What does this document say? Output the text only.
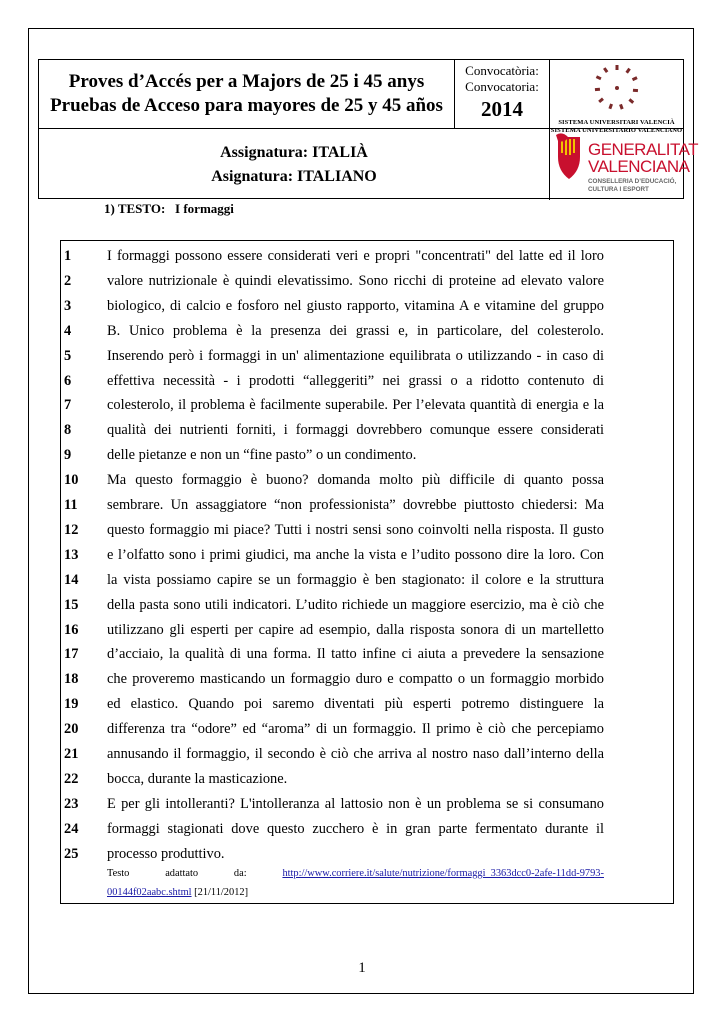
Proves d’Accés per a Majors de 25 i 45 anys
Pruebas de Acceso para mayores de 25 y 45 años
Convocatòria:
Convocatoria:
2014
SISTEMA UNIVERSITARI VALENCIÀ
SISTEMA UNIVERSITARIO VALENCIANO
Assignatura: ITALIÀ
Asignatura: ITALIANO
GENERALITAT
VALENCIANA
CONSELLERIA D’EDUCACIÓ,
CULTURA I ESPORT
1) TESTO:   I formaggi
1	I formaggi possono essere considerati veri e propri "concentrati" del latte ed il loro
2	valore nutrizionale è quindi elevatissimo. Sono ricchi di proteine ad elevato valore
3	biologico, di calcio e fosforo nel giusto rapporto, vitamina A e vitamine del gruppo
4	B. Unico problema è la presenza dei grassi e, in particolare, del colesterolo.
5	Inserendo però i formaggi in un' alimentazione equilibrata o utilizzando - in caso di
6	effettiva necessità - i prodotti “alleggeriti” nei grassi o a ridotto contenuto di
7	colesterolo, il problema è facilmente superabile. Per l’elevata quantità di energia e la
8	qualità dei nutrienti forniti, i formaggi dovrebbero comunque essere considerati
9	delle pietanze e non un “fine pasto” o un condimento.
10	Ma questo formaggio è buono? domanda molto più difficile di quanto possa
11	sembrare. Un assaggiatore “non professionista” dovrebbe piuttosto chiedersi: Ma
12	questo formaggio mi piace? Tutti i nostri sensi sono coinvolti nella risposta. Il gusto
13	e l’olfatto sono i primi giudici, ma anche la vista e l’udito possono dire la loro. Con
14	la vista possiamo capire se un formaggio è ben stagionato: il colore e la struttura
15	della pasta sono utili indicatori. L’udito richiede un maggiore esercizio, ma è ciò che
16	utilizzano gli esperti per capire ad esempio, dalla risposta sonora di un martelletto
17	d’acciaio, la qualità di una forma. Il tatto infine ci aiuta a prevedere la sensazione
18	che proveremo masticando un formaggio duro e compatto o un formaggio morbido
19	ed elastico. Quando poi saremo diventati più esperti potremo distinguere la
20	differenza tra “odore” ed “aroma” di un formaggio. Il primo è ciò che percepiamo
21	annusando il formaggio, il secondo è ciò che arriva al nostro naso dall’interno della
22	bocca, durante la masticazione.
23	E per gli intolleranti? L'intolleranza al lattosio non è un problema se si consumano
24	formaggi stagionati dove questo zucchero è in gran parte fermentato durante il
25	processo produttivo.
Testo	adattato	da:	http://www.corriere.it/salute/nutrizione/formaggi_3363dcc0-2afe-11dd-9793-
00144f02aabc.shtml [21/11/2012]
1
